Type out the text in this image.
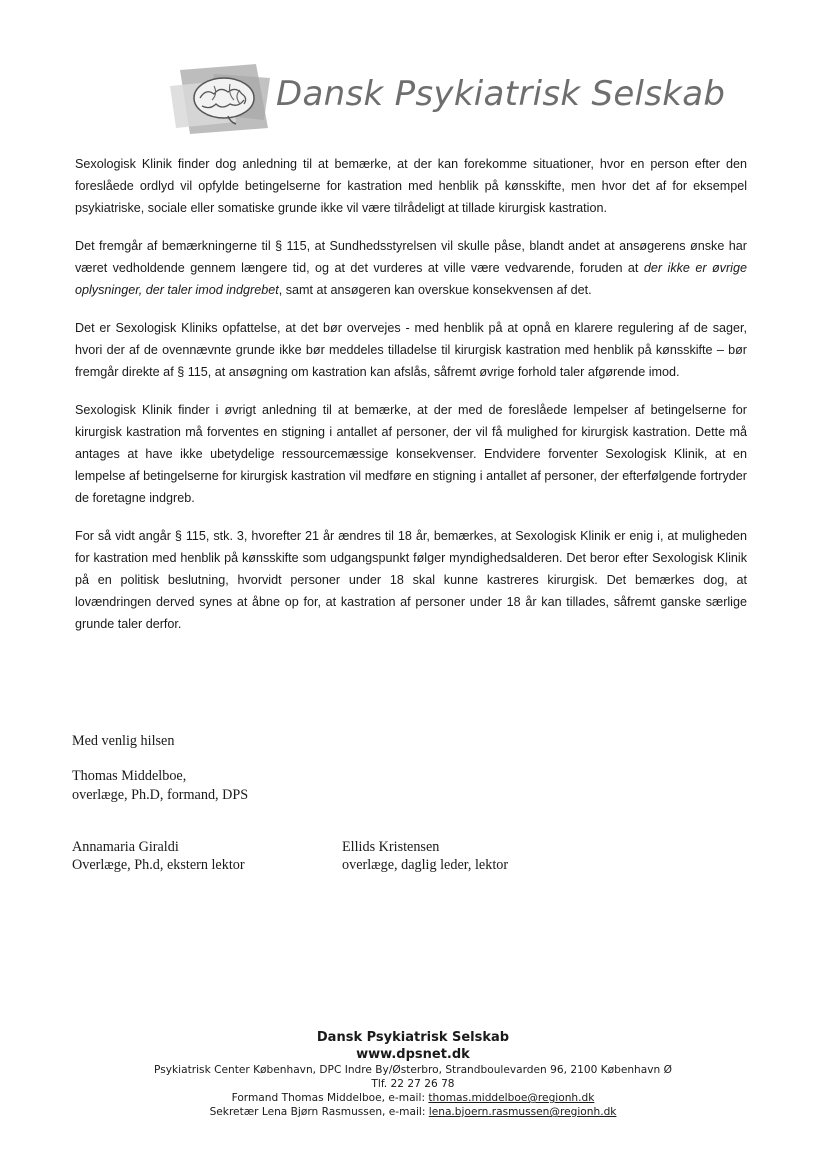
Dansk Psykiatrisk Selskab

Sexologisk Klinik finder dog anledning til at bemærke, at der kan forekomme situationer, hvor en person efter den foreslåede ordlyd vil opfylde betingelserne for kastration med henblik på kønsskifte, men hvor det af for eksempel psykiatriske, sociale eller somatiske grunde ikke vil være tilrådeligt at tillade kirurgisk kastration.

Det fremgår af bemærkningerne til § 115, at Sundhedsstyrelsen vil skulle påse, blandt andet at ansøgerens ønske har været vedholdende gennem længere tid, og at det vurderes at ville være vedvarende, foruden at der ikke er øvrige oplysninger, der taler imod indgrebet, samt at ansøgeren kan overskue konsekvensen af det.

Det er Sexologisk Kliniks opfattelse, at det bør overvejes - med henblik på at opnå en klarere regulering af de sager, hvori der af de ovennævnte grunde ikke bør meddeles tilladelse til kirurgisk kastration med henblik på kønsskifte – bør fremgår direkte af § 115, at ansøgning om kastration kan afslås, såfremt øvrige forhold taler afgørende imod.

Sexologisk Klinik finder i øvrigt anledning til at bemærke, at der med de foreslåede lempelser af betingelserne for kirurgisk kastration må forventes en stigning i antallet af personer, der vil få mulighed for kirurgisk kastration. Dette må antages at have ikke ubetydelige ressourcemæssige konsekvenser. Endvidere forventer Sexologisk Klinik, at en lempelse af betingelserne for kirurgisk kastration vil medføre en stigning i antallet af personer, der efterfølgende fortryder de foretagne indgreb.

For så vidt angår § 115, stk. 3, hvorefter 21 år ændres til 18 år, bemærkes, at Sexologisk Klinik er enig i, at muligheden for kastration med henblik på kønsskifte som udgangspunkt følger myndighedsalderen. Det beror efter Sexologisk Klinik på en politisk beslutning, hvorvidt personer under 18 skal kunne kastreres kirurgisk. Det bemærkes dog, at lovændringen derved synes at åbne op for, at kastration af personer under 18 år kan tillades, såfremt ganske særlige grunde taler derfor.

Med venlig hilsen
Thomas Middelboe,
overlæge, Ph.D, formand, DPS
Annamaria Giraldi
Overlæge, Ph.d, ekstern lektor
Ellids Kristensen
overlæge, daglig leder, lektor
Dansk Psykiatrisk Selskab
www.dpsnet.dk
Psykiatrisk Center København, DPC Indre By/Østerbro, Strandboulevarden 96, 2100 København Ø
Tlf. 22 27 26 78
Formand Thomas Middelboe, e-mail: thomas.middelboe@regionh.dk
Sekretær Lena Bjørn Rasmussen, e-mail: lena.bjoern.rasmussen@regionh.dk
